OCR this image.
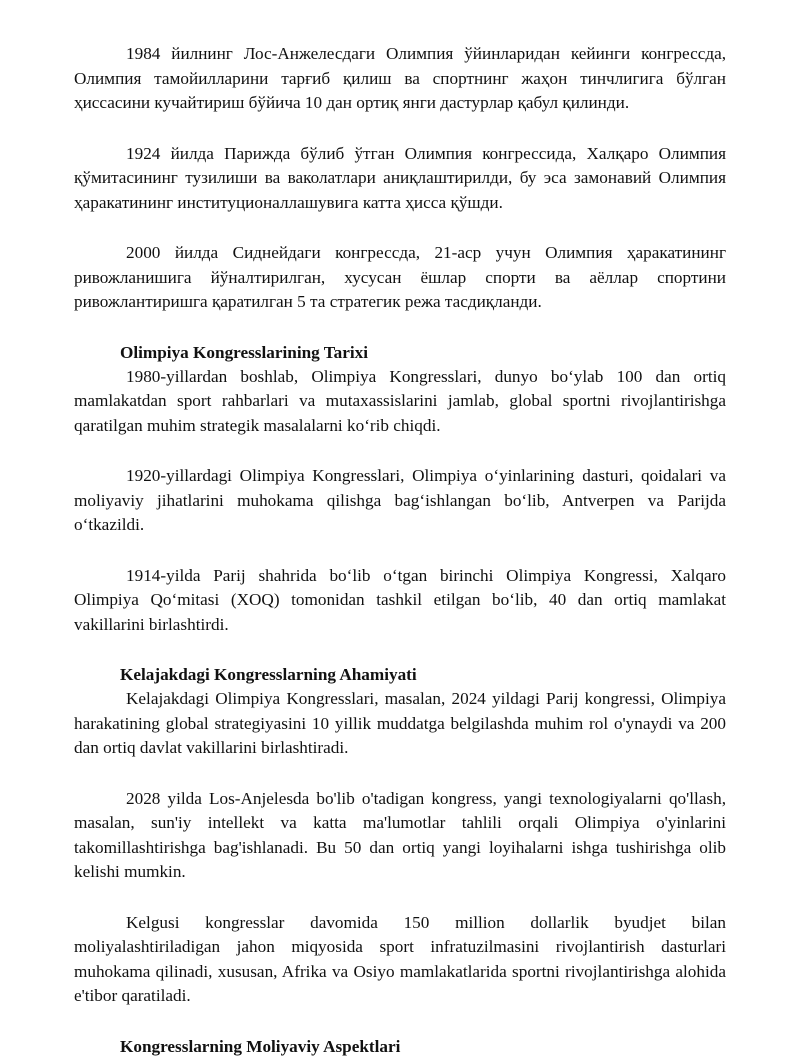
1984 йилнинг Лос-Анжелесдаги Олимпия ўйинларидан кейинги конгрессда, Олимпия тамойилларини тарғиб қилиш ва спортнинг жаҳон тинчлигига бўлган ҳиссасини кучайтириш бўйича 10 дан ортиқ янги дастурлар қабул қилинди.

1924 йилда Парижда бўлиб ўтган Олимпия конгрессида, Халқаро Олимпия қўмитасининг тузилиши ва ваколатлари аниқлаштирилди, бу эса замонавий Олимпия ҳаракатининг институционаллашувига катта ҳисса қўшди.

2000 йилда Сиднейдаги конгрессда, 21-аср учун Олимпия ҳаракатининг ривожланишига йўналтирилган, хусусан ёшлар спорти ва аёллар спортини ривожлантиришга қаратилган 5 та стратегик режа тасдиқланди.

Olimpiya Kongresslarining Tarixi

1980-yillardan boshlab, Olimpiya Kongresslari, dunyo bo‘ylab 100 dan ortiq mamlakatdan sport rahbarlari va mutaxassislarini jamlab, global sportni rivojlantirishga qaratilgan muhim strategik masalalarni ko‘rib chiqdi.

1920-yillardagi Olimpiya Kongresslari, Olimpiya o‘yinlarining dasturi, qoidalari va moliyaviy jihatlarini muhokama qilishga bag‘ishlangan bo‘lib, Antverpen va Parijda o‘tkazildi.

1914-yilda Parij shahrida bo‘lib o‘tgan birinchi Olimpiya Kongressi, Xalqaro Olimpiya Qo‘mitasi (XOQ) tomonidan tashkil etilgan bo‘lib, 40 dan ortiq mamlakat vakillarini birlashtirdi.

Kelajakdagi Kongresslarning Ahamiyati

Kelajakdagi Olimpiya Kongresslari, masalan, 2024 yildagi Parij kongressi, Olimpiya harakatining global strategiyasini 10 yillik muddatga belgilashda muhim rol o'ynaydi va 200 dan ortiq davlat vakillarini birlashtiradi.

2028 yilda Los-Anjelesda bo'lib o'tadigan kongress, yangi texnologiyalarni qo'llash, masalan, sun'iy intellekt va katta ma'lumotlar tahlili orqali Olimpiya o'yinlarini takomillashtirishga bag'ishlanadi. Bu 50 dan ortiq yangi loyihalarni ishga tushirishga olib kelishi mumkin.

Kelgusi kongresslar davomida 150 million dollarlik byudjet bilan moliyalashtiriladigan jahon miqyosida sport infratuzilmasini rivojlantirish dasturlari muhokama qilinadi, xususan, Afrika va Osiyo mamlakatlarida sportni rivojlantirishga alohida e'tibor qaratiladi.

Kongresslarning Moliyaviy Aspektlari
